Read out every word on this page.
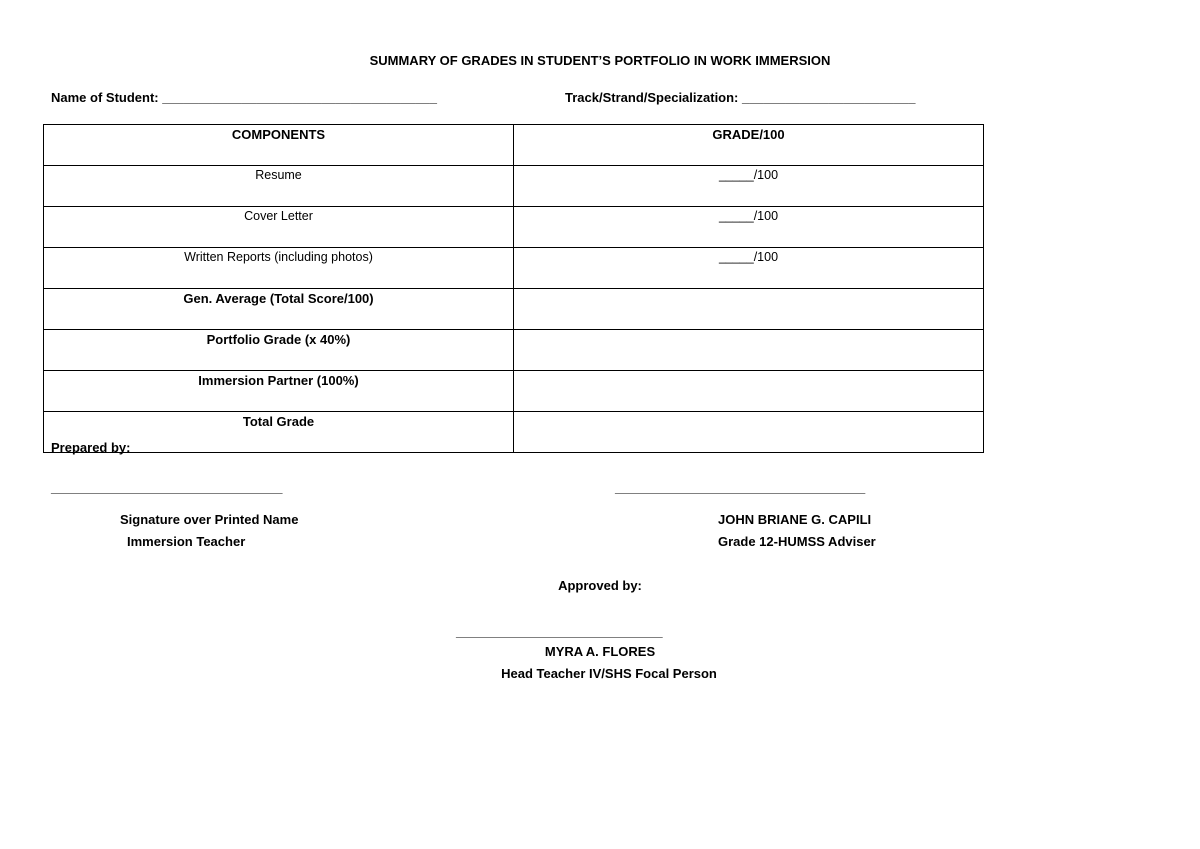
SUMMARY OF GRADES IN STUDENT’S PORTFOLIO IN WORK IMMERSION
Name of Student: ______________________________________	Track/Strand/Specialization: ________________________
COMPONENTS	GRADE/100
Resume	_____/100
Cover Letter	_____/100
Written Reports (including photos)	_____/100
Gen. Average (Total Score/100)	
Portfolio Grade (x 40%)	
Immersion Partner (100%)	
Total Grade	
Prepared by:
_____________________________________
Signature over Printed Name
Immersion Teacher
________________________________________
JOHN BRIANE G. CAPILI
Grade 12-HUMSS Adviser
Approved by:
_________________________________
MYRA A. FLORES
Head Teacher IV/SHS Focal Person
